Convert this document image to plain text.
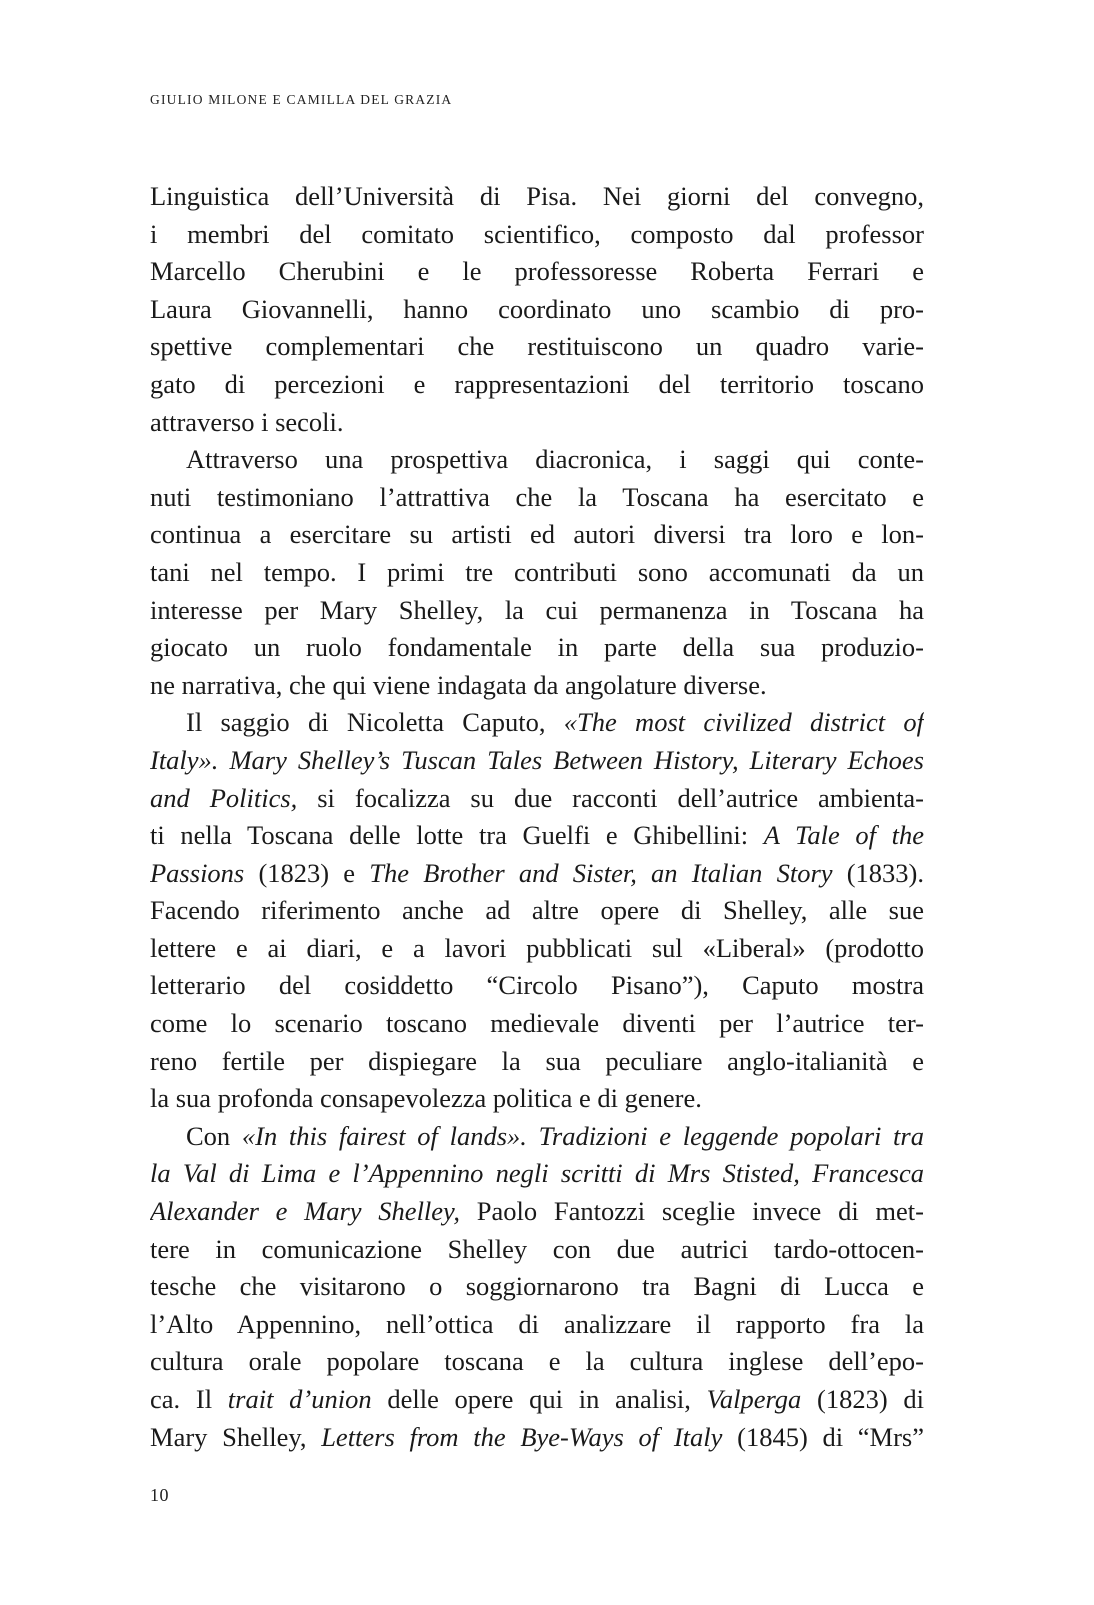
GIULIO MILONE E CAMILLA DEL GRAZIA
Linguistica dell’Università di Pisa. Nei giorni del convegno,
i membri del comitato scientifico, composto dal professor
Marcello Cherubini e le professoresse Roberta Ferrari e
Laura Giovannelli, hanno coordinato uno scambio di pro-
spettive complementari che restituiscono un quadro varie-
gato di percezioni e rappresentazioni del territorio toscano
attraverso i secoli.
Attraverso una prospettiva diacronica, i saggi qui conte-
nuti testimoniano l’attrattiva che la Toscana ha esercitato e
continua a esercitare su artisti ed autori diversi tra loro e lon-
tani nel tempo. I primi tre contributi sono accomunati da un
interesse per Mary Shelley, la cui permanenza in Toscana ha
giocato un ruolo fondamentale in parte della sua produzio-
ne narrativa, che qui viene indagata da angolature diverse.
Il saggio di Nicoletta Caputo, «The most civilized district of
Italy». Mary Shelley’s Tuscan Tales Between History, Literary Echoes
and Politics, si focalizza su due racconti dell’autrice ambienta-
ti nella Toscana delle lotte tra Guelfi e Ghibellini: A Tale of the
Passions (1823) e The Brother and Sister, an Italian Story (1833).
Facendo riferimento anche ad altre opere di Shelley, alle sue
lettere e ai diari, e a lavori pubblicati sul «Liberal» (prodotto
letterario del cosiddetto “Circolo Pisano”), Caputo mostra
come lo scenario toscano medievale diventi per l’autrice ter-
reno fertile per dispiegare la sua peculiare anglo-italianità e
la sua profonda consapevolezza politica e di genere.
Con «In this fairest of lands». Tradizioni e leggende popolari tra
la Val di Lima e l’Appennino negli scritti di Mrs Stisted, Francesca
Alexander e Mary Shelley, Paolo Fantozzi sceglie invece di met-
tere in comunicazione Shelley con due autrici tardo-ottocen-
tesche che visitarono o soggiornarono tra Bagni di Lucca e
l’Alto Appennino, nell’ottica di analizzare il rapporto fra la
cultura orale popolare toscana e la cultura inglese dell’epo-
ca. Il trait d’union delle opere qui in analisi, Valperga (1823) di
Mary Shelley, Letters from the Bye-Ways of Italy (1845) di “Mrs”
10
